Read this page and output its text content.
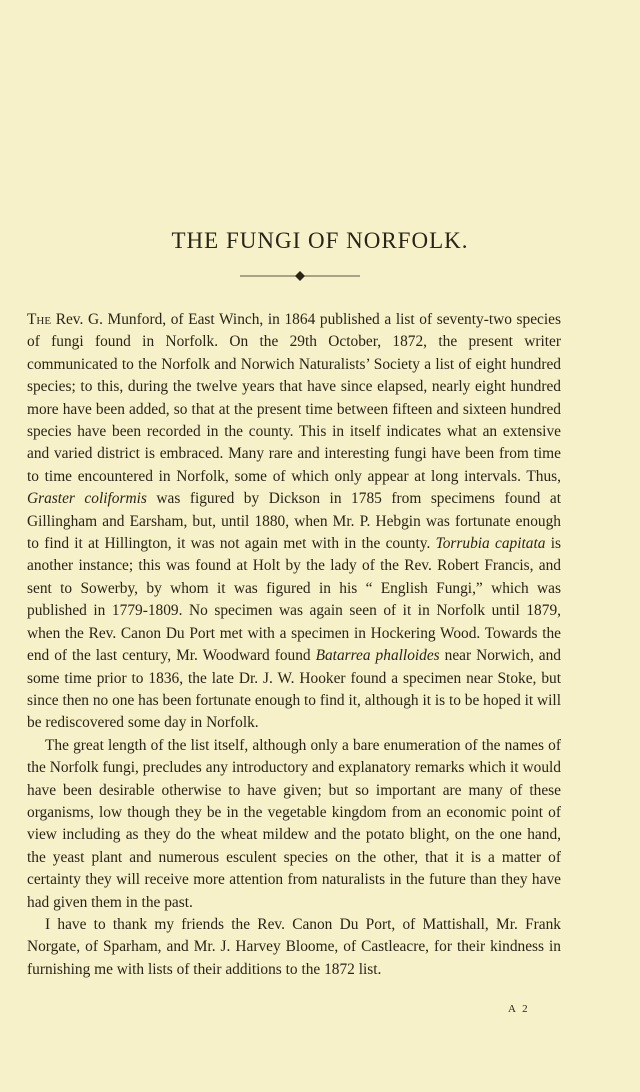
THE FUNGI OF NORFOLK.

The Rev. G. Munford, of East Winch, in 1864 published a list of seventy-two species of fungi found in Norfolk. On the 29th October, 1872, the present writer communicated to the Norfolk and Norwich Naturalists’ Society a list of eight hundred species; to this, during the twelve years that have since elapsed, nearly eight hundred more have been added, so that at the present time between fifteen and sixteen hundred species have been recorded in the county. This in itself indicates what an extensive and varied district is embraced. Many rare and interesting fungi have been from time to time encountered in Norfolk, some of which only appear at long intervals. Thus, Graster coliformis was figured by Dickson in 1785 from specimens found at Gillingham and Earsham, but, until 1880, when Mr. P. Hebgin was fortunate enough to find it at Hillington, it was not again met with in the county. Torrubia capitata is another instance; this was found at Holt by the lady of the Rev. Robert Francis, and sent to Sowerby, by whom it was figured in his “ English Fungi,” which was published in 1779-1809. No specimen was again seen of it in Norfolk until 1879, when the Rev. Canon Du Port met with a specimen in Hockering Wood. Towards the end of the last century, Mr. Woodward found Batarrea phalloides near Norwich, and some time prior to 1836, the late Dr. J. W. Hooker found a specimen near Stoke, but since then no one has been fortunate enough to find it, although it is to be hoped it will be rediscovered some day in Norfolk.

The great length of the list itself, although only a bare enumeration of the names of the Norfolk fungi, precludes any introductory and explanatory remarks which it would have been desirable otherwise to have given; but so important are many of these organisms, low though they be in the vegetable kingdom from an economic point of view including as they do the wheat mildew and the potato blight, on the one hand, the yeast plant and numerous esculent species on the other, that it is a matter of certainty they will receive more attention from naturalists in the future than they have had given them in the past.

I have to thank my friends the Rev. Canon Du Port, of Mattishall, Mr. Frank Norgate, of Sparham, and Mr. J. Harvey Bloome, of Castleacre, for their kindness in furnishing me with lists of their additions to the 1872 list.

A 2
